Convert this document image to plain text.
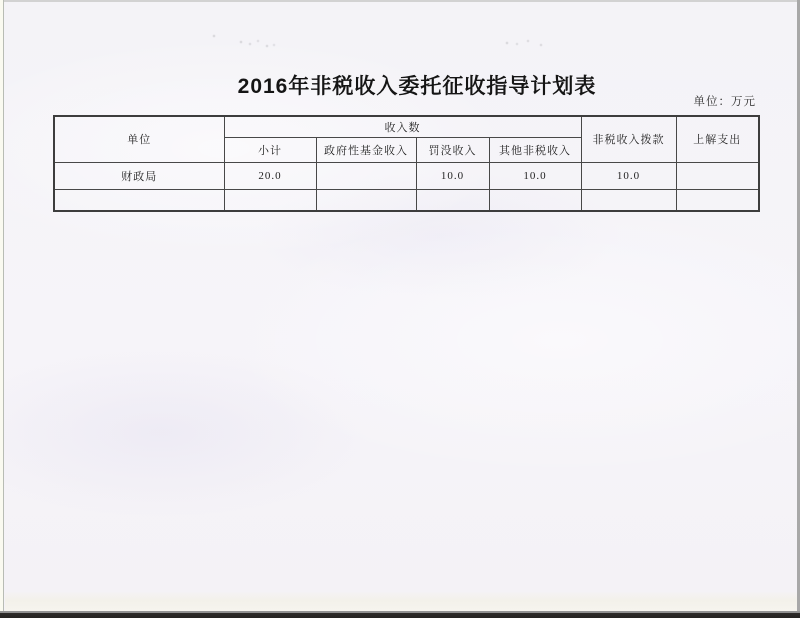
2016年非税收入委托征收指导计划表
单位：万元
单位	收入数				非税收入拨款	上解支出
	小计	政府性基金收入	罚没收入	其他非税收入		
财政局	20.0		10.0	10.0	10.0	
